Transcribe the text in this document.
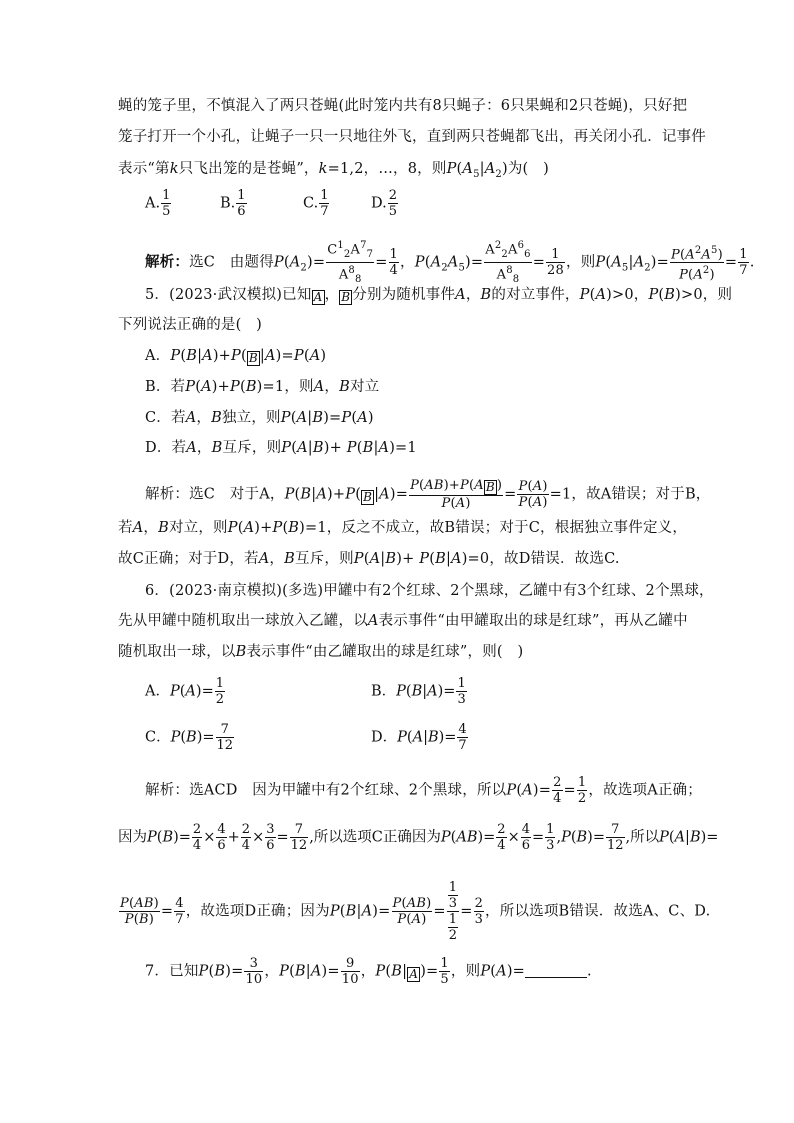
蝇的笼子里，不慎混入了两只苍蝇(此时笼内共有8只蝇子：6只果蝇和2只苍蝇)，只好把
笼子打开一个小孔，让蝇子一只一只地往外飞，直到两只苍蝇都飞出，再关闭小孔．记事件
表示“第k只飞出笼的是苍蝇”，k=1,2，…，8，则$P(A_5|A_2)$为(　)
A. $\frac{1}{5}$	B. $\frac{1}{6}$	C. $\frac{1}{7}$	D. $\frac{2}{5}$
解析：选C　由题得$P(A_2)= \frac{C^1_2A^7_7}{A^8_8} = \frac{1}{4}$ ，$P(A_2A_5)= \frac{A^2_2A^6_6}{A^8_8} = \frac{1}{28}$ ，则$P(A_5|A_2)= \frac{P(A^2A^5)}{P(A^2)} = \frac{1}{7}$ .
5．(2023·武汉模拟)已知 A ， B 分别为随机事件A，B的对立事件，P(A)>0，P(B)>0，则
下列说法正确的是(　)
A．P(B|A)+P( B |A)=P(A)
B．若P(A)+P(B)=1，则A，B对立
C．若A，B独立，则P(A|B)=P(A)
D．若A，B互斥，则P(A|B)+ P(B|A)=1
解析：选C　对于A，P(B|A)+P( B $|A)= \frac{\text{P(AB)+P(A B )}}{P(A)} = \frac{P(A)}{P(A)} =1$，故A错误；对于B，
若A，B对立，则P(A)+P(B)=1，反之不成立，故B错误；对于C，根据独立事件定义，
故C正确；对于D，若A，B互斥，则P(A|B)+ P(B|A)=0，故D错误．故选C.
6．(2023·南京模拟)(多选)甲罐中有2个红球、2个黑球，乙罐中有3个红球、2个黑球，
先从甲罐中随机取出一球放入乙罐，以A表示事件“由甲罐取出的球是红球”，再从乙罐中
随机取出一球，以B表示事件“由乙罐取出的球是红球”，则(　)
A．$P(A)= \frac{1}{2}$	B．$P(B|A)= \frac{1}{3}$
C．$P(B)= \frac{7}{12}$	D．$P(A|B)= \frac{4}{7}$
解析：选ACD　因为甲罐中有2个红球、2个黑球，所以$P(A)= \frac{2}{4} = \frac{1}{2}$ ，故选项A正确；
因为$P(B)= \frac{2}{4} \times \frac{4}{6} + \frac{2}{4} \times \frac{3}{6} = \frac{7}{12}$ ,所以选项C正确因为$P(AB)= \frac{2}{4} \times \frac{4}{6} = \frac{1}{3} ,P(B)= \frac{7}{12}$ ,所以P(A|B)=
$\frac{P(AB)}{P(B)} = \frac{4}{7}$ ，故选项D正确；因为$P(B|A)= \frac{P(AB)}{P(A)} = \frac{\frac{1}{3}}{\frac{1}{2}} = \frac{2}{3}$ ，所以选项B错误．故选A、C、D.
7．已知$P(B)= \frac{3}{10}$ ，$P(B|A)= \frac{9}{10}$ ，P(B| A )= $\frac{1}{5}$ ，则P(A)=	.
